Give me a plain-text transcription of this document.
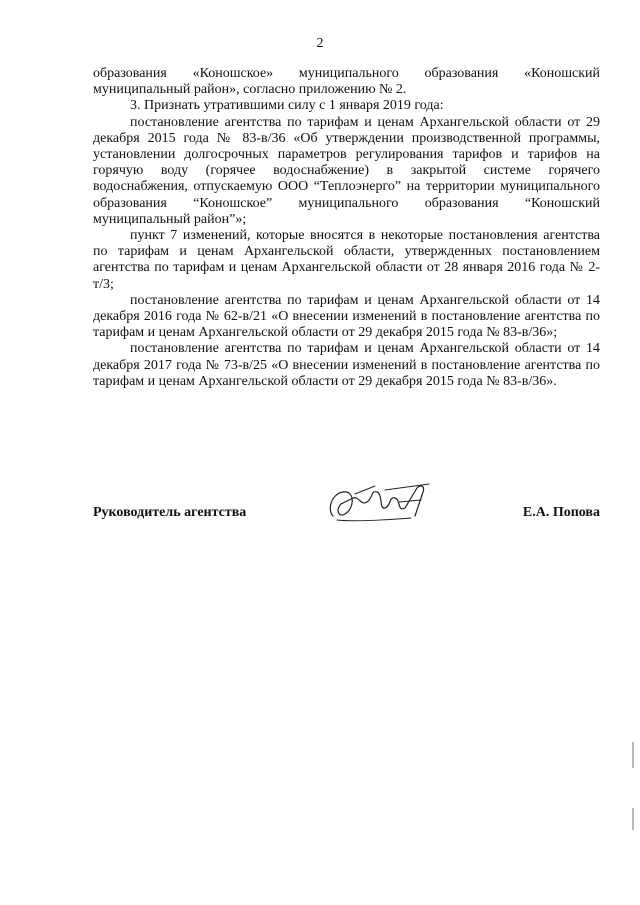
2

образования «Коношское» муниципального образования «Коношский муниципальный район», согласно приложению № 2.

3. Признать утратившими силу с 1 января 2019 года:

постановление агентства по тарифам и ценам Архангельской области от 29 декабря 2015 года № 83-в/36 «Об утверждении производственной программы, установлении долгосрочных параметров регулирования тарифов и тарифов на горячую воду (горячее водоснабжение) в закрытой системе горячего водоснабжения, отпускаемую ООО “Теплоэнерго” на территории муниципального образования “Коношское” муниципального образования “Коношский муниципальный район”»;

пункт 7 изменений, которые вносятся в некоторые постановления агентства по тарифам и ценам Архангельской области, утвержденных постановлением агентства по тарифам и ценам Архангельской области от 28 января 2016 года № 2-т/3;

постановление агентства по тарифам и ценам Архангельской области от 14 декабря 2016 года № 62-в/21 «О внесении изменений в постановление агентства по тарифам и ценам Архангельской области от 29 декабря 2015 года № 83-в/36»;

постановление агентства по тарифам и ценам Архангельской области от 14 декабря 2017 года № 73-в/25 «О внесении изменений в постановление агентства по тарифам и ценам Архангельской области от 29 декабря 2015 года № 83-в/36».

Руководитель агентства	Е.А. Попова
